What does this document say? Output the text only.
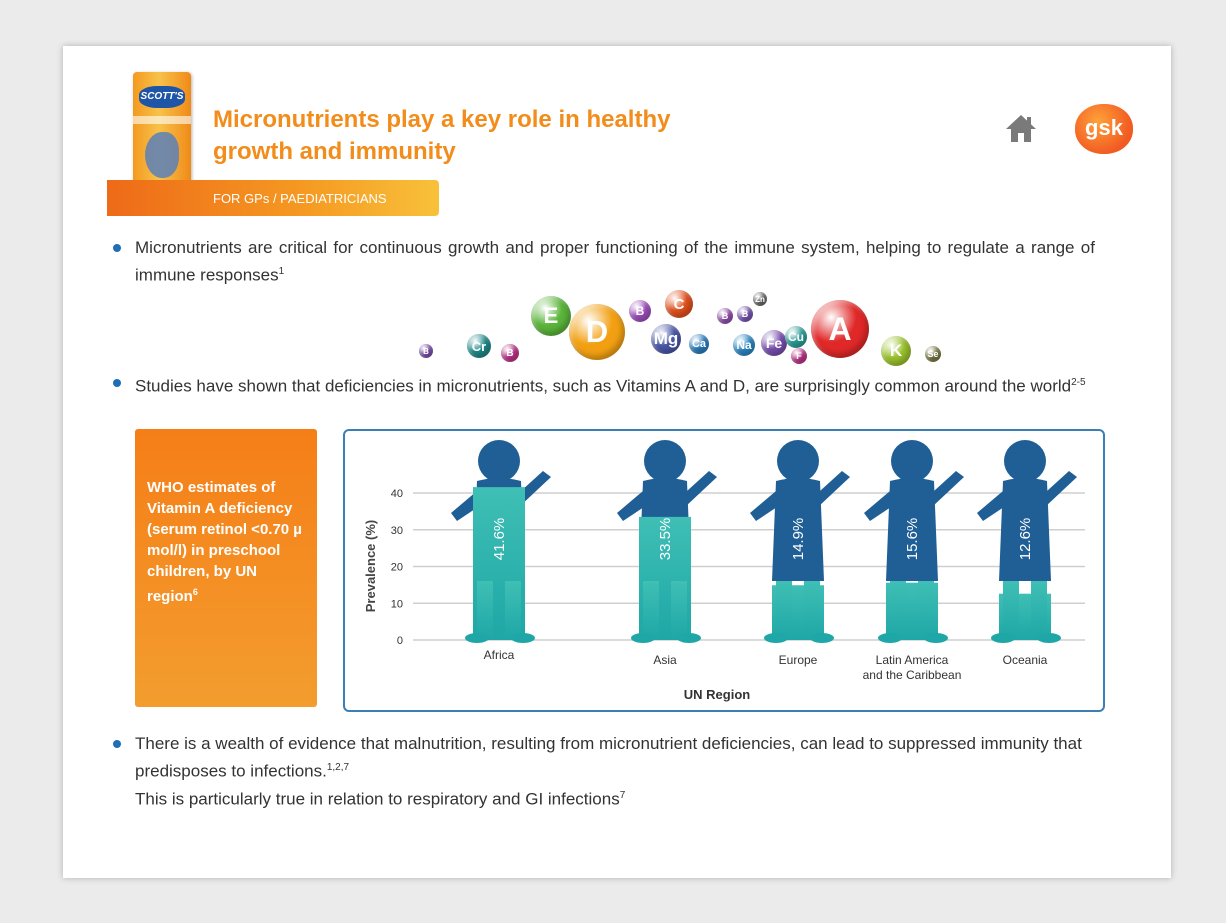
SCOTT'S
FOR GPs / PAEDIATRICIANS
Micronutrients play a key role in healthy
growth and immunity
gsk
Micronutrients are critical for continuous growth and proper functioning of the immune system, helping to regulate a range of immune responses$^1$
B	Cr	B
E D
B
Mg
C
Ca
B	B
Zn
Na	Fe Cu
F
A
K	Se
Studies have shown that deficiencies in micronutrients, such as Vitamins A and D, are surprisingly common around the world$^{2-5}$
WHO estimates of Vitamin A deficiency (serum retinol <0.70 µ mol/l) in preschool children, by UN region$^6$
0
10
20
30
40
Prevalence (%)
UN Region
41.6%
Africa
33.5%
Asia
14.9%
Europe
15.6%
Latin America
and the Caribbean
12.6%
Oceania
There is a wealth of evidence that malnutrition, resulting from micronutrient deficiencies, can lead to suppressed immunity that predisposes to infections.$^{1,2,7}$
This is particularly true in relation to respiratory and GI infections$^7$
